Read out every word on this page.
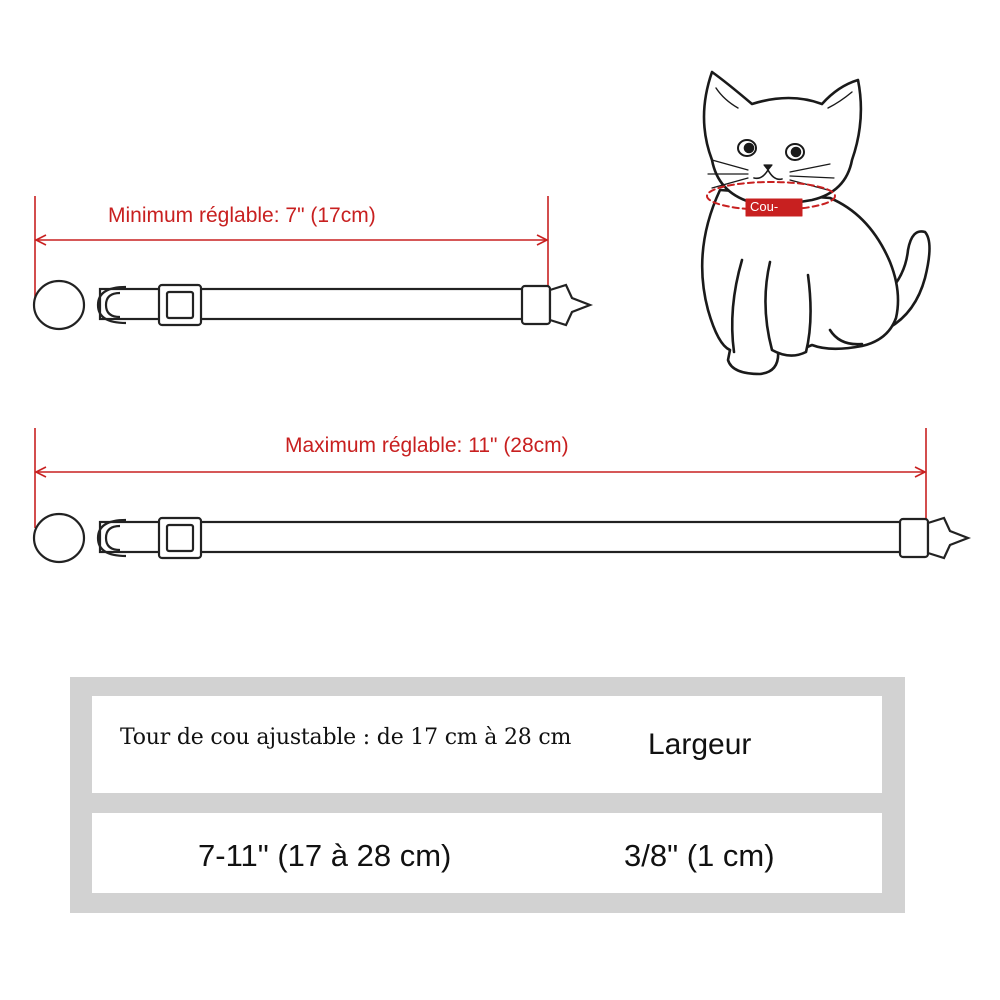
Cou-
Minimum réglable: 7" (17cm)
Maximum réglable: 11" (28cm)
Tour de cou ajustable : de 17 cm à 28 cm	Largeur
7-11" (17 à 28 cm)	3/8" (1 cm)
